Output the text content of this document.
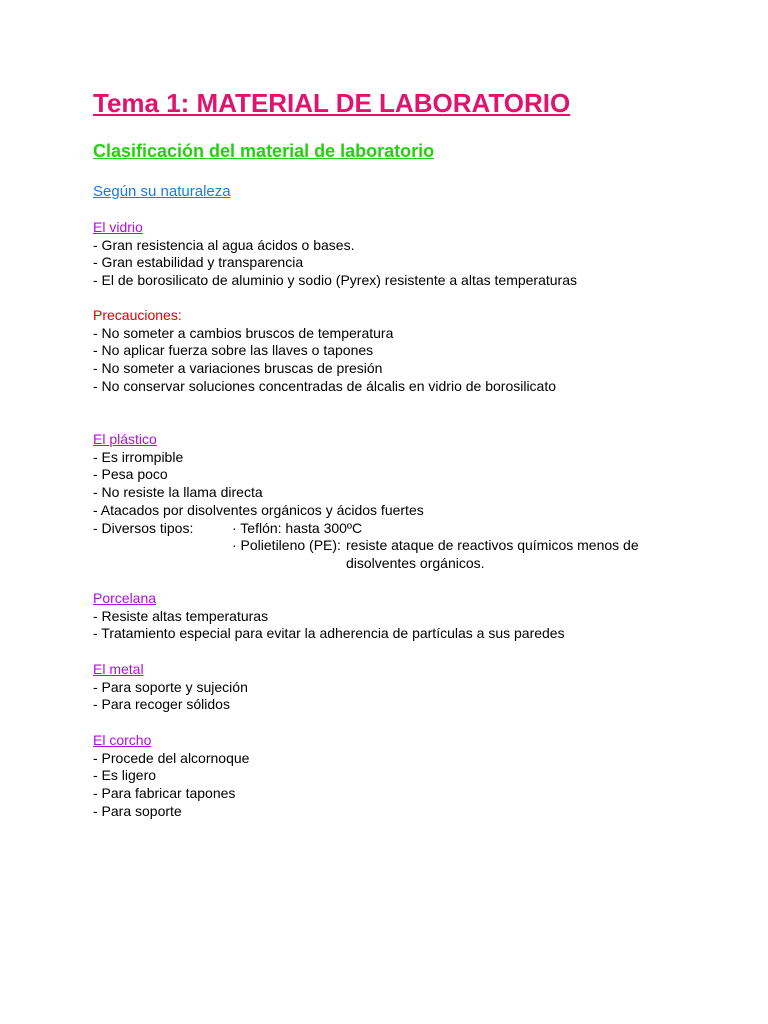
Tema 1: MATERIAL DE LABORATORIO
Clasificación del material de laboratorio
Según su naturaleza
El vidrio
- Gran resistencia al agua ácidos o bases.
- Gran estabilidad y transparencia
- El de borosilicato de aluminio y sodio (Pyrex) resistente a altas temperaturas
Precauciones:
- No someter a cambios bruscos de temperatura
- No aplicar fuerza sobre las llaves o tapones
- No someter a variaciones bruscas de presión
- No conservar soluciones concentradas de álcalis en vidrio de borosilicato
El plástico
- Es irrompible
- Pesa poco
- No resiste la llama directa
- Atacados por disolventes orgánicos y ácidos fuertes
- Diversos tipos:	· Teflón: hasta 300ºC
· Polietileno (PE): resiste ataque de reactivos químicos menos de
disolventes orgánicos.
Porcelana
- Resiste altas temperaturas
- Tratamiento especial para evitar la adherencia de partículas a sus paredes
El metal
- Para soporte y sujeción
- Para recoger sólidos
El corcho
- Procede del alcornoque
- Es ligero
- Para fabricar tapones
- Para soporte
